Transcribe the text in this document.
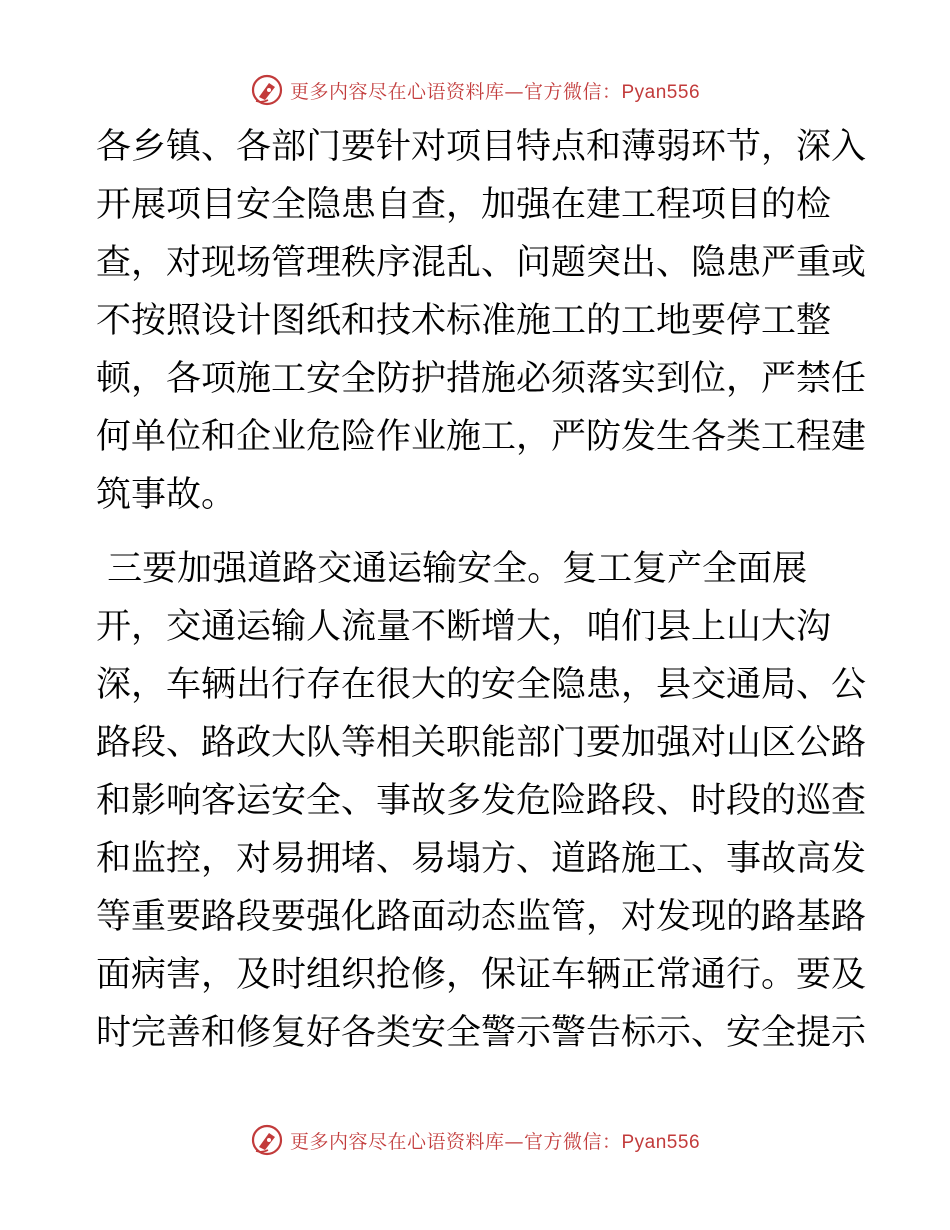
更多内容尽在心语资料库—官方微信：Pyan556
各乡镇、各部门要针对项目特点和薄弱环节，深入
开展项目安全隐患自查，加强在建工程项目的检
查，对现场管理秩序混乱、问题突出、隐患严重或
不按照设计图纸和技术标准施工的工地要停工整
顿，各项施工安全防护措施必须落实到位，严禁任
何单位和企业危险作业施工，严防发生各类工程建
筑事故。
三要加强道路交通运输安全。复工复产全面展
开，交通运输人流量不断增大，咱们县上山大沟
深，车辆出行存在很大的安全隐患，县交通局、公
路段、路政大队等相关职能部门要加强对山区公路
和影响客运安全、事故多发危险路段、时段的巡查
和监控，对易拥堵、易塌方、道路施工、事故高发
等重要路段要强化路面动态监管，对发现的路基路
面病害，及时组织抢修，保证车辆正常通行。要及
时完善和修复好各类安全警示警告标示、安全提示
更多内容尽在心语资料库—官方微信：Pyan556
